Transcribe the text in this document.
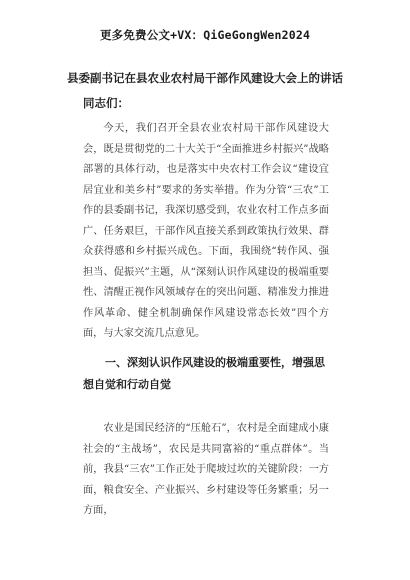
更多免费公文+VX：QiGeGongWen2024
县委副书记在县农业农村局干部作风建设大会上的讲话
同志们：

今天，我们召开全县农业农村局干部作风建设大会，既是贯彻党的二十大关于“全面推进乡村振兴”战略部署的具体行动，也是落实中央农村工作会议“建设宜居宜业和美乡村”要求的务实举措。作为分管“三农”工作的县委副书记，我深切感受到，农业农村工作点多面广、任务艰巨，干部作风直接关系到政策执行效果、群众获得感和乡村振兴成色。下面，我围绕“转作风、强担当、促振兴”主题，从“深刻认识作风建设的极端重要性、清醒正视作风领域存在的突出问题、精准发力推进作风革命、健全机制确保作风建设常态长效”四个方面，与大家交流几点意见。

一、深刻认识作风建设的极端重要性，增强思想自觉和行动自觉

农业是国民经济的“压舱石”，农村是全面建成小康社会的“主战场”，农民是共同富裕的“重点群体”。当前，我县“三农”工作正处于爬坡过坎的关键阶段：一方面，粮食安全、产业振兴、乡村建设等任务繁重；另一方面，
